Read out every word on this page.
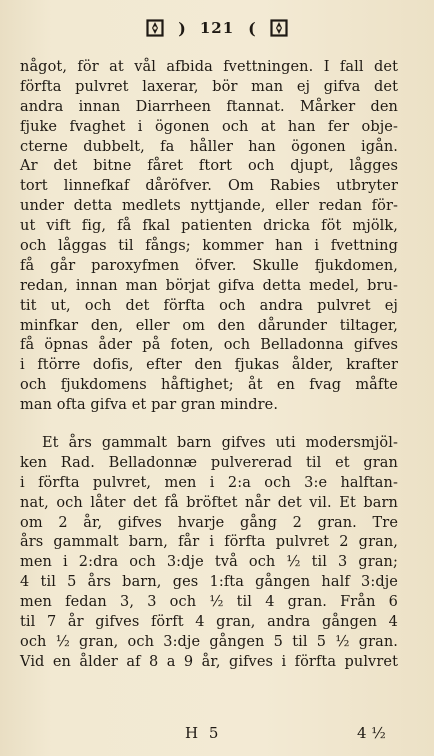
) 121 (
något, för at vål afbida fvettningen. I fall det
förfta pulvret laxerar, bör man ej gifva det
andra innan Diarrheen ftannat. Mårker den
fjuke fvaghet i ögonen och at han fer obje-
cterne dubbelt, fa håller han ögonen igån.
Ar det bitne fåret ftort och djupt, lågges
tort linnefkaf dåröfver. Om Rabies utbryter
under detta medlets nyttjande, eller redan för-
ut vift fig, få fkal patienten dricka föt mjölk,
och låggas til fångs; kommer han i fvettning
få går paroxyfmen öfver. Skulle fjukdomen,
redan, innan man börjat gifva detta medel, bru-
tit ut, och det förfta och andra pulvret ej
minfkar den, eller om den dårunder tiltager,
få öpnas åder på foten, och Belladonna gifves
i ftörre dofis, efter den fjukas ålder, krafter
och fjukdomens håftighet; åt en fvag måfte
man ofta gifva et par gran mindre.
Et års gammalt barn gifves uti modersmjöl-
ken Rad. Belladonnæ pulvererad til et gran
i förfta pulvret, men i 2:a och 3:e halftan-
nat, och låter det få bröftet når det vil. Et barn
om 2 år, gifves hvarje gång 2 gran. Tre
års gammalt barn, får i förfta pulvret 2 gran,
men i 2:dra och 3:dje två och ½ til 3 gran;
4 til 5 års barn, ges 1:fta gången half 3:dje
men fedan 3, 3 och ½ til 4 gran. Från 6
til 7 år gifves förft 4 gran, andra gången 4
och ½ gran, och 3:dje gången 5 til 5 ½ gran.
Vid en ålder af 8 a 9 år, gifves i förfta pulvret
H 5	4 ½
